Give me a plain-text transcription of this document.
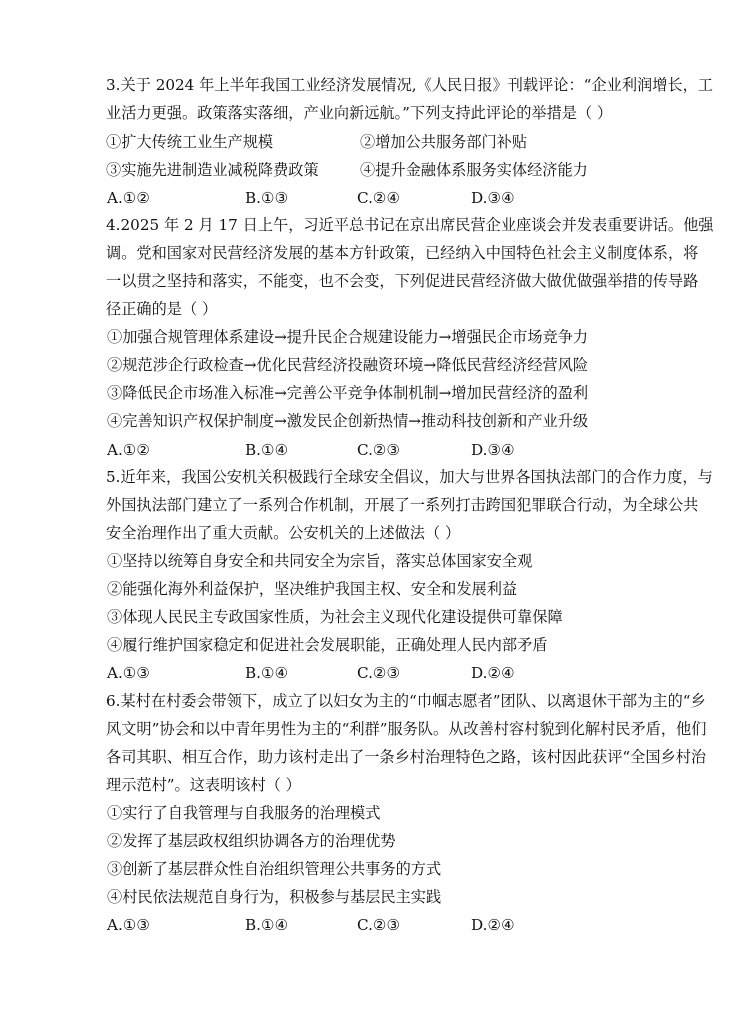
3.关于 2024 年上半年我国工业经济发展情况,《人民日报》刊载评论：“企业利润增长，工
业活力更强。政策落实落细，产业向新远航。”下列支持此评论的举措是（ ）
①扩大传统工业生产规模	②增加公共服务部门补贴
③实施先进制造业减税降费政策	④提升金融体系服务实体经济能力
A.①②	B.①③	C.②④	D.③④
4.2025 年 2 月 17 日上午，习近平总书记在京出席民营企业座谈会并发表重要讲话。他强
调。党和国家对民营经济发展的基本方针政策，已经纳入中国特色社会主义制度体系，将
一以贯之坚持和落实，不能变，也不会变，下列促进民营经济做大做优做强举措的传导路
径正确的是（ ）
①加强合规管理体系建设→提升民企合规建设能力→增强民企市场竞争力
②规范涉企行政检查→优化民营经济投融资环境→降低民营经济经营风险
③降低民企市场准入标准→完善公平竞争体制机制→增加民营经济的盈利
④完善知识产权保护制度→激发民企创新热情→推动科技创新和产业升级
A.①②	B.①④	C.②③	D.③④
5.近年来，我国公安机关积极践行全球安全倡议，加大与世界各国执法部门的合作力度，与
外国执法部门建立了一系列合作机制，开展了一系列打击跨国犯罪联合行动，为全球公共
安全治理作出了重大贡献。公安机关的上述做法（ ）
①坚持以统筹自身安全和共同安全为宗旨，落实总体国家安全观
②能强化海外利益保护，坚决维护我国主权、安全和发展利益
③体现人民民主专政国家性质，为社会主义现代化建设提供可靠保障
④履行维护国家稳定和促进社会发展职能，正确处理人民内部矛盾
A.①③	B.①④	C.②③	D.②④
6.某村在村委会带领下，成立了以妇女为主的“巾帼志愿者”团队、以离退休干部为主的“乡
风文明”协会和以中青年男性为主的“利群”服务队。从改善村容村貌到化解村民矛盾，他们
各司其职、相互合作，助力该村走出了一条乡村治理特色之路，该村因此获评“全国乡村治
理示范村”。这表明该村（ ）
①实行了自我管理与自我服务的治理模式
②发挥了基层政权组织协调各方的治理优势
③创新了基层群众性自治组织管理公共事务的方式
④村民依法规范自身行为，积极参与基层民主实践
A.①③	B.①④	C.②③	D.②④
